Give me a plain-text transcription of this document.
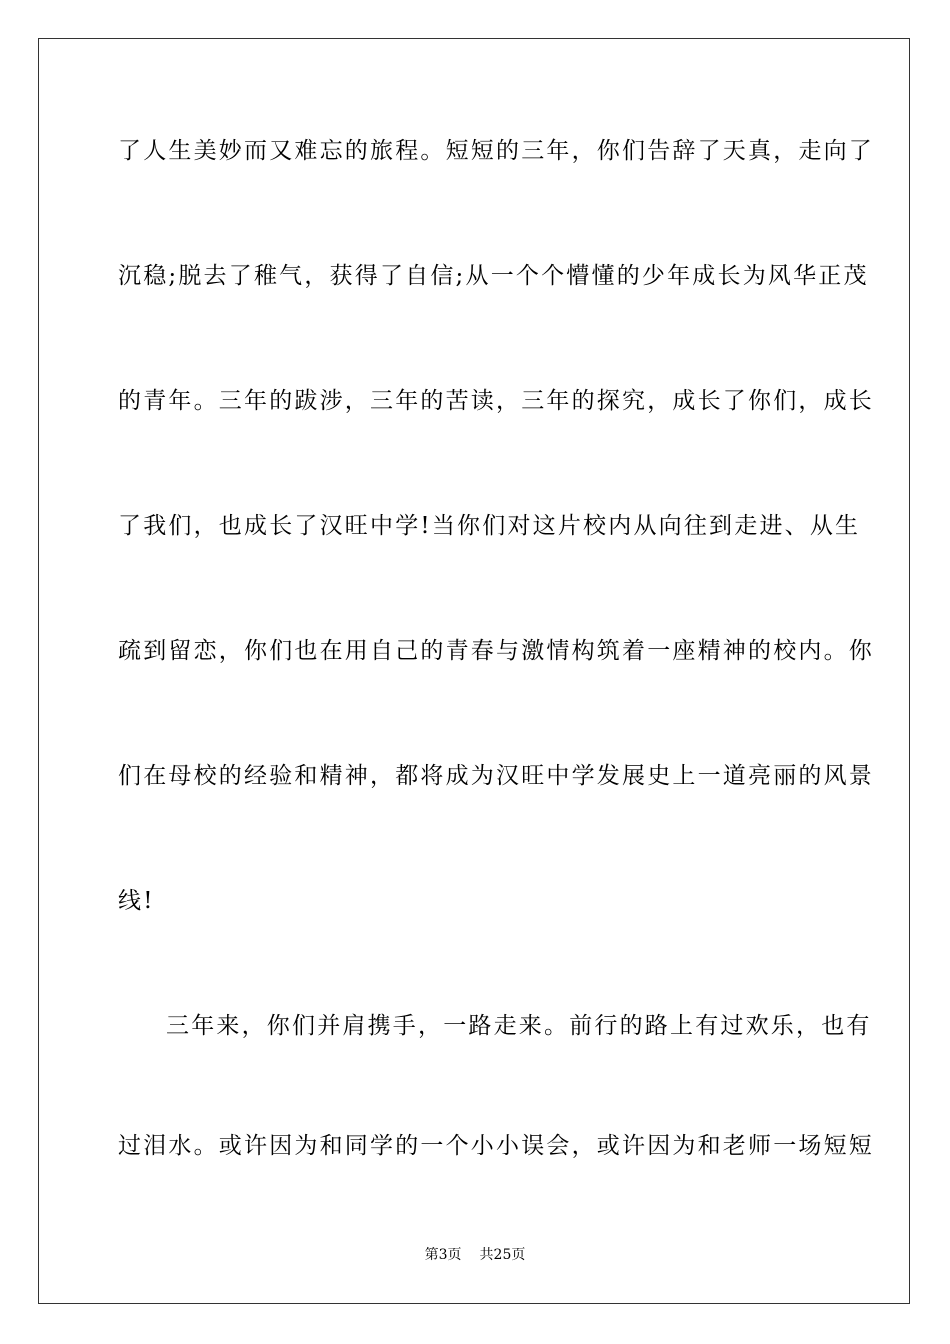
了人生美妙而又难忘的旅程。短短的三年，你们告辞了天真，走向了
沉稳;脱去了稚气，获得了自信;从一个个懵懂的少年成长为风华正茂
的青年。三年的跋涉，三年的苦读，三年的探究，成长了你们，成长
了我们，也成长了汉旺中学!当你们对这片校内从向往到走进、从生
疏到留恋，你们也在用自己的青春与激情构筑着一座精神的校内。你
们在母校的经验和精神，都将成为汉旺中学发展史上一道亮丽的风景
线!
三年来，你们并肩携手，一路走来。前行的路上有过欢乐，也有
过泪水。或许因为和同学的一个小小误会，或许因为和老师一场短短
第3页 共25页
